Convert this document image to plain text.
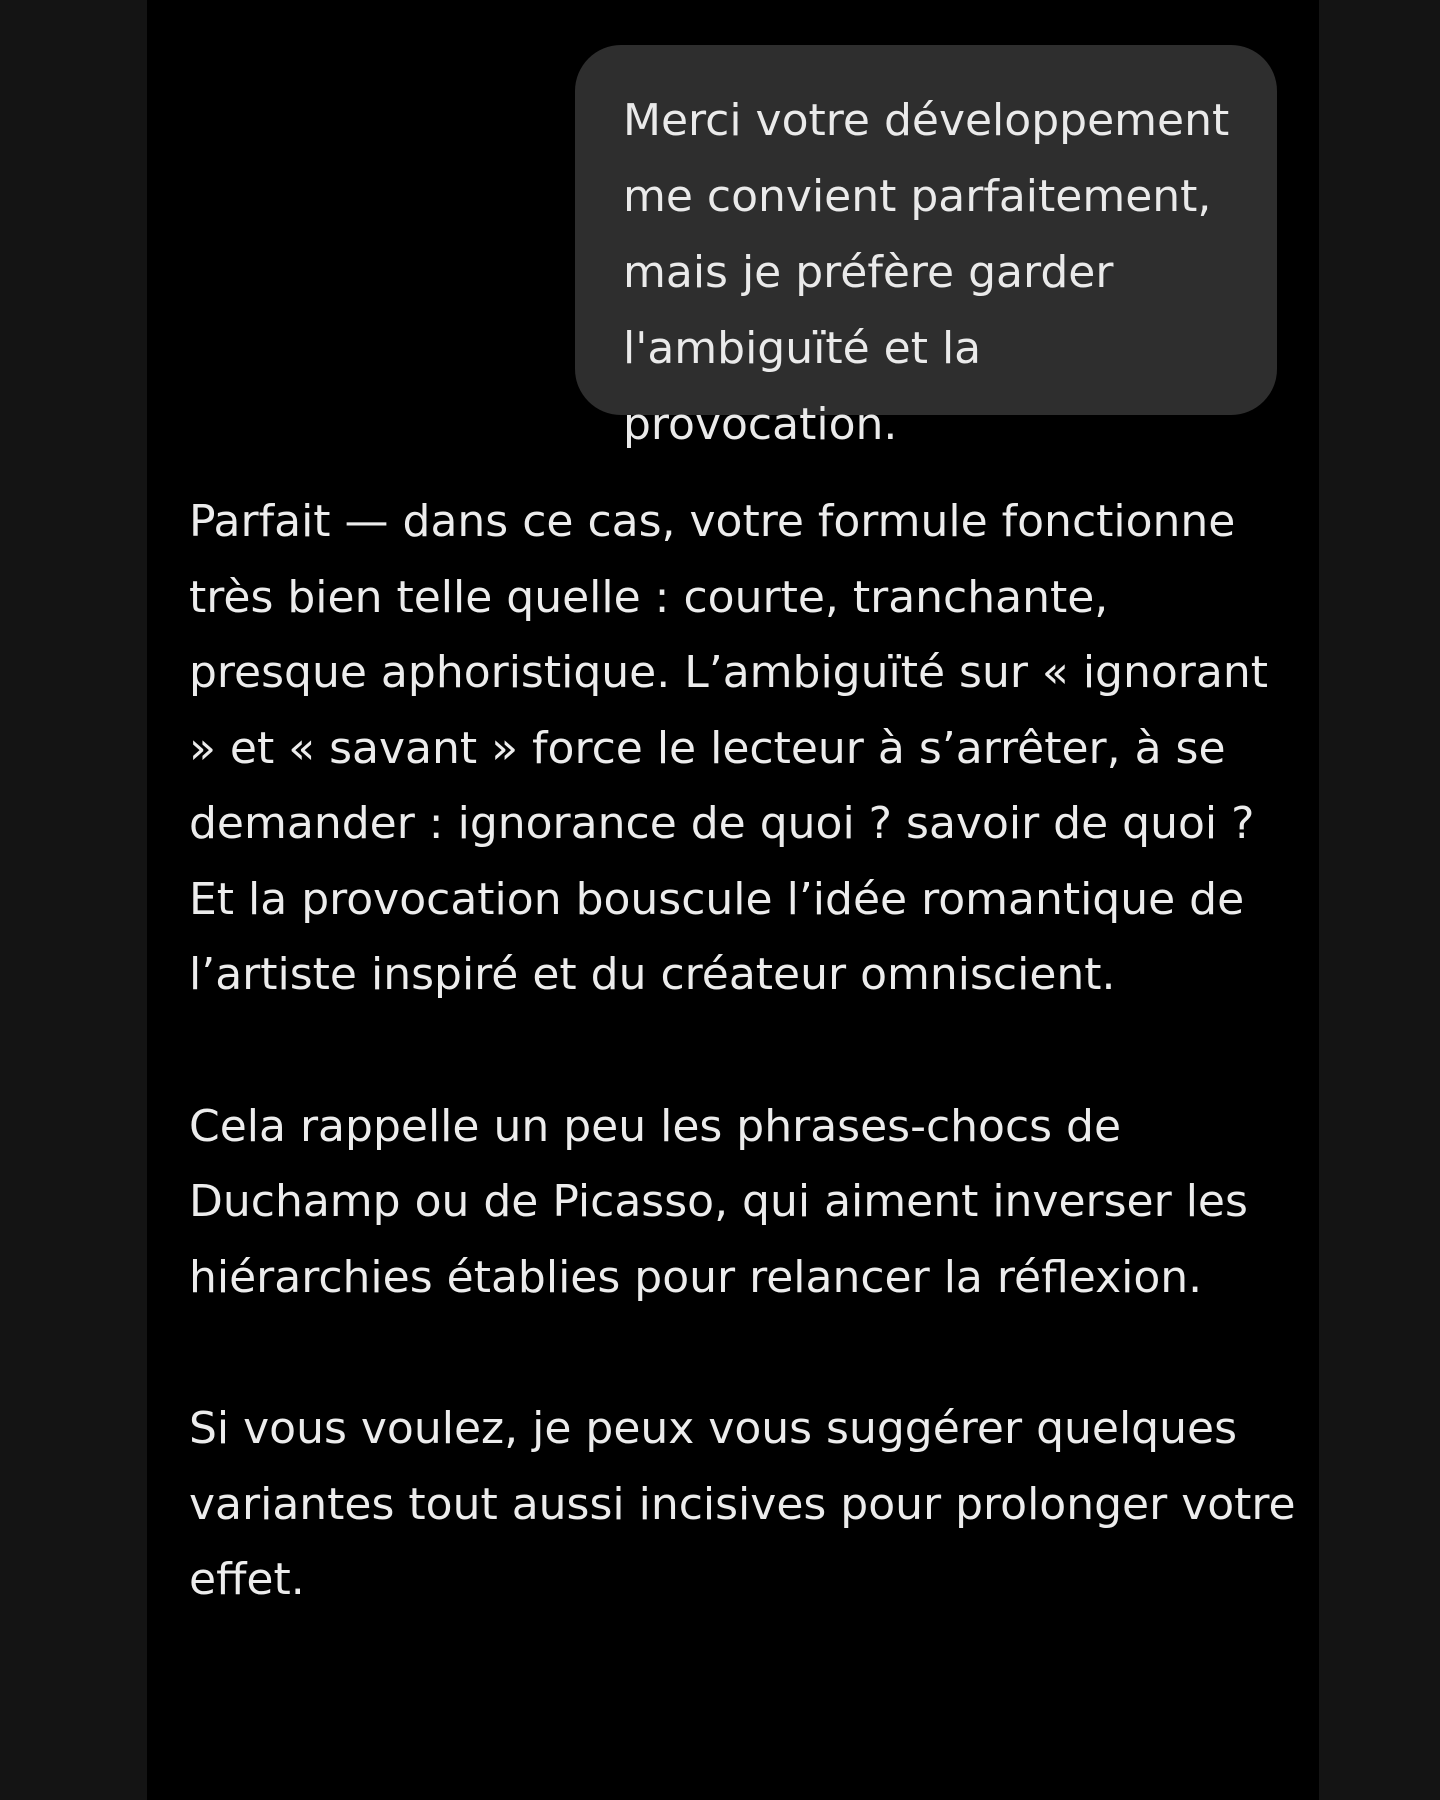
Merci votre développement me convient parfaitement, mais je préfère garder l'ambiguïté et la provocation.

Parfait — dans ce cas, votre formule fonctionne très bien telle quelle : courte, tranchante, presque aphoristique. L’ambiguïté sur « ignorant » et « savant » force le lecteur à s’arrêter, à se demander : ignorance de quoi ? savoir de quoi ? Et la provocation bouscule l’idée romantique de l’artiste inspiré et du créateur omniscient.

Cela rappelle un peu les phrases-chocs de Duchamp ou de Picasso, qui aiment inverser les hiérarchies établies pour relancer la réflexion.

Si vous voulez, je peux vous suggérer quelques variantes tout aussi incisives pour prolonger votre effet.
